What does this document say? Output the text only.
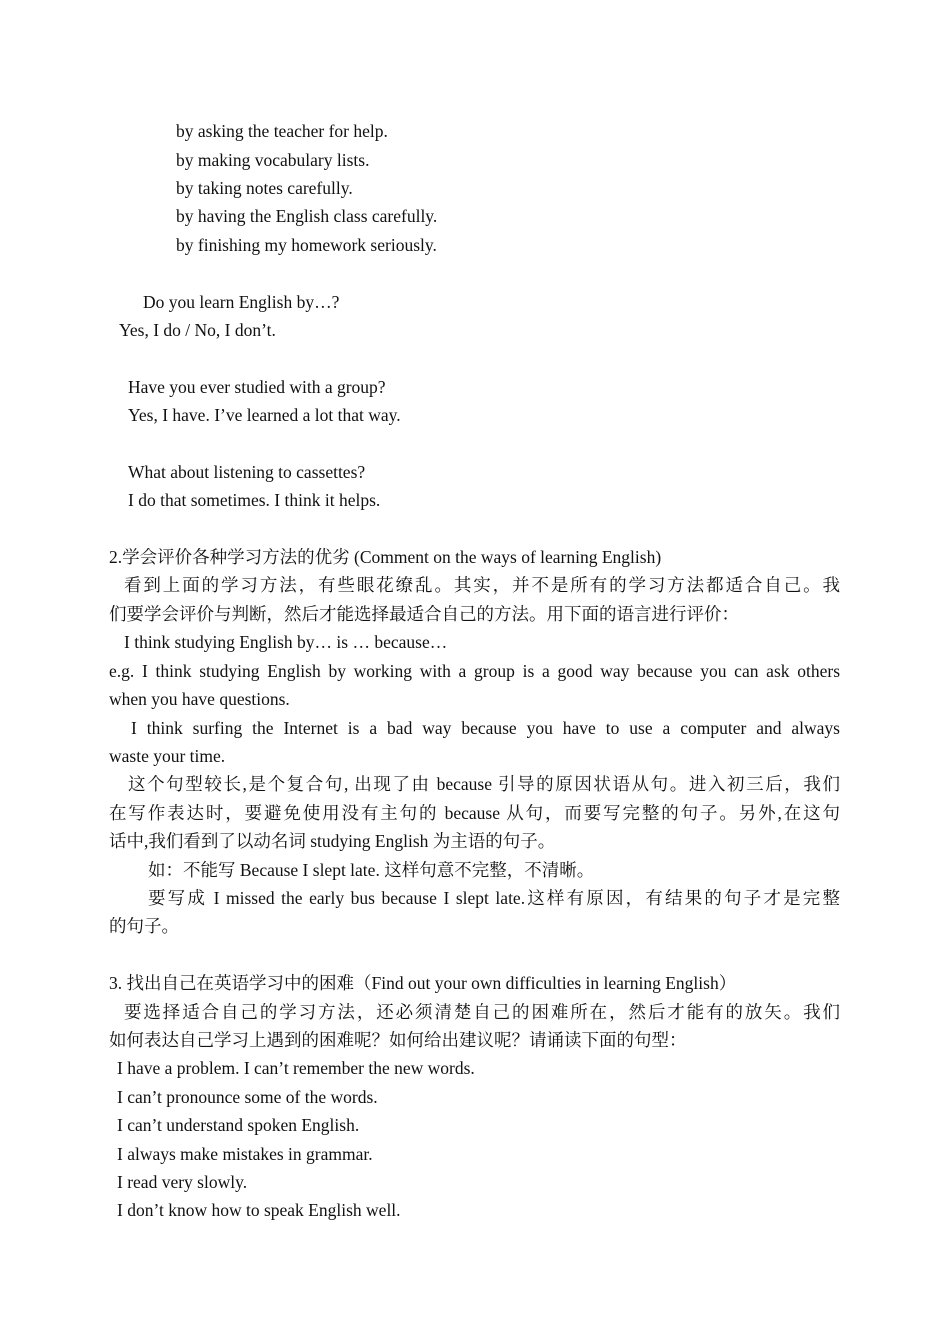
by asking the teacher for help.
by making vocabulary lists.
by taking notes carefully.
by having the English class carefully.
by finishing my homework seriously.
Do you learn English by…?
Yes, I do / No, I don’t.
Have you ever studied with a group?
Yes, I have. I’ve learned a lot that way.
What about listening to cassettes?
I do that sometimes. I think it helps.
2.学会评价各种学习方法的优劣 (Comment on the ways of learning English)
看到上面的学习方法，有些眼花缭乱。其实，并不是所有的学习方法都适合自己。我
们要学会评价与判断，然后才能选择最适合自己的方法。用下面的语言进行评价：
I think studying English by… is … because…
e.g. I think studying English by working with a group is a good way because you can ask others
when you have questions.
I think surfing the Internet is a bad way because you have to use a computer and always
waste your time.
这个句型较长,是个复合句, 出现了由 because 引导的原因状语从句。进入初三后，我们
在写作表达时，要避免使用没有主句的 because 从句，而要写完整的句子。另外,在这句
话中,我们看到了以动名词 studying English 为主语的句子。
如：不能写 Because I slept late. 这样句意不完整，不清晰。
要写成 I missed the early bus because I slept late.这样有原因，有结果的句子才是完整
的句子。
3. 找出自己在英语学习中的困难（Find out your own difficulties in learning English）
要选择适合自己的学习方法，还必须清楚自己的困难所在，然后才能有的放矢。我们
如何表达自己学习上遇到的困难呢？如何给出建议呢？请诵读下面的句型：
I have a problem. I can’t remember the new words.
I can’t pronounce some of the words.
I can’t understand spoken English.
I always make mistakes in grammar.
I read very slowly.
I don’t know how to speak English well.
